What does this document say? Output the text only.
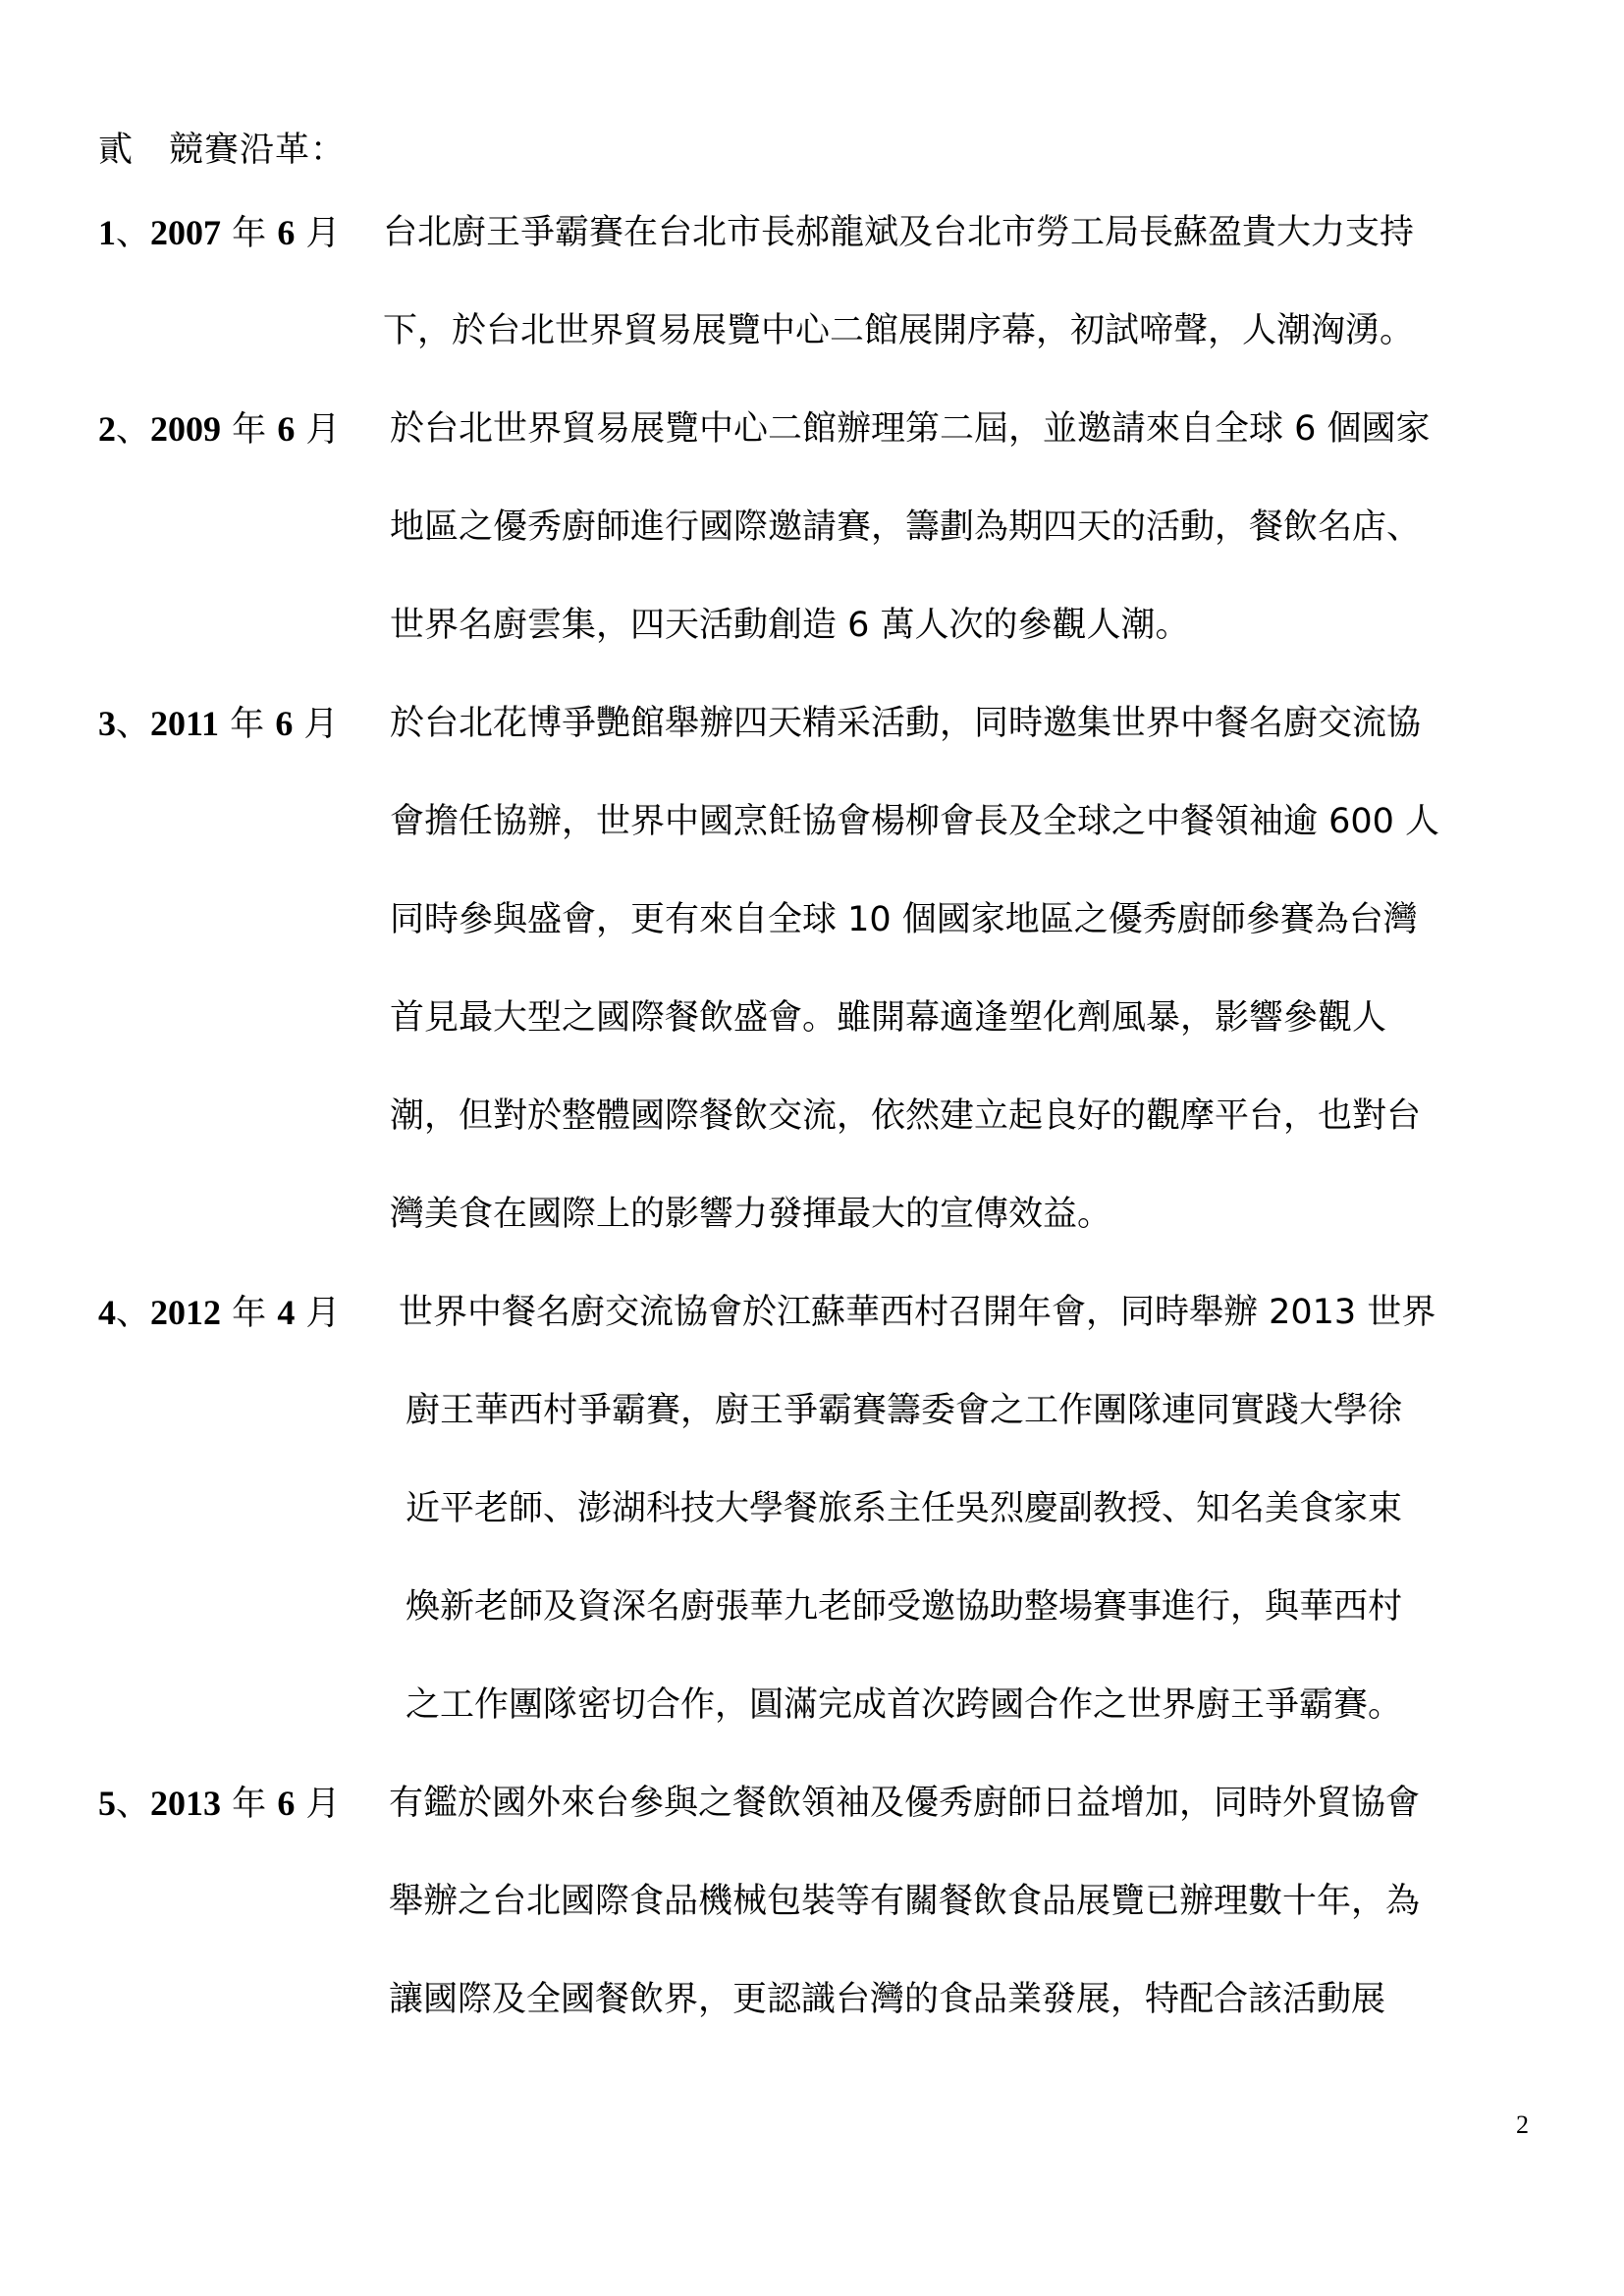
貳　競賽沿革：
1、2007 年 6 月 台北廚王爭霸賽在台北市長郝龍斌及台北市勞工局長蘇盈貴大力支持
下，於台北世界貿易展覽中心二館展開序幕，初試啼聲，人潮洶湧。
2、2009 年 6 月 於台北世界貿易展覽中心二館辦理第二屆，並邀請來自全球 6 個國家
地區之優秀廚師進行國際邀請賽，籌劃為期四天的活動，餐飲名店、
世界名廚雲集，四天活動創造 6 萬人次的參觀人潮。
3、2011 年 6 月 於台北花博爭艷館舉辦四天精采活動，同時邀集世界中餐名廚交流協
會擔任協辦，世界中國烹飪協會楊柳會長及全球之中餐領袖逾 600 人
同時參與盛會，更有來自全球 10 個國家地區之優秀廚師參賽為台灣
首見最大型之國際餐飲盛會。雖開幕適逢塑化劑風暴，影響參觀人
潮，但對於整體國際餐飲交流，依然建立起良好的觀摩平台，也對台
灣美食在國際上的影響力發揮最大的宣傳效益。
4、2012 年 4 月 世界中餐名廚交流協會於江蘇華西村召開年會，同時舉辦 2013 世界
廚王華西村爭霸賽，廚王爭霸賽籌委會之工作團隊連同實踐大學徐
近平老師、澎湖科技大學餐旅系主任吳烈慶副教授、知名美食家束
煥新老師及資深名廚張華九老師受邀協助整場賽事進行，與華西村
之工作團隊密切合作，圓滿完成首次跨國合作之世界廚王爭霸賽。
5、2013 年 6 月 有鑑於國外來台參與之餐飲領袖及優秀廚師日益增加，同時外貿協會
舉辦之台北國際食品機械包裝等有關餐飲食品展覽已辦理數十年，為
讓國際及全國餐飲界，更認識台灣的食品業發展，特配合該活動展
2
